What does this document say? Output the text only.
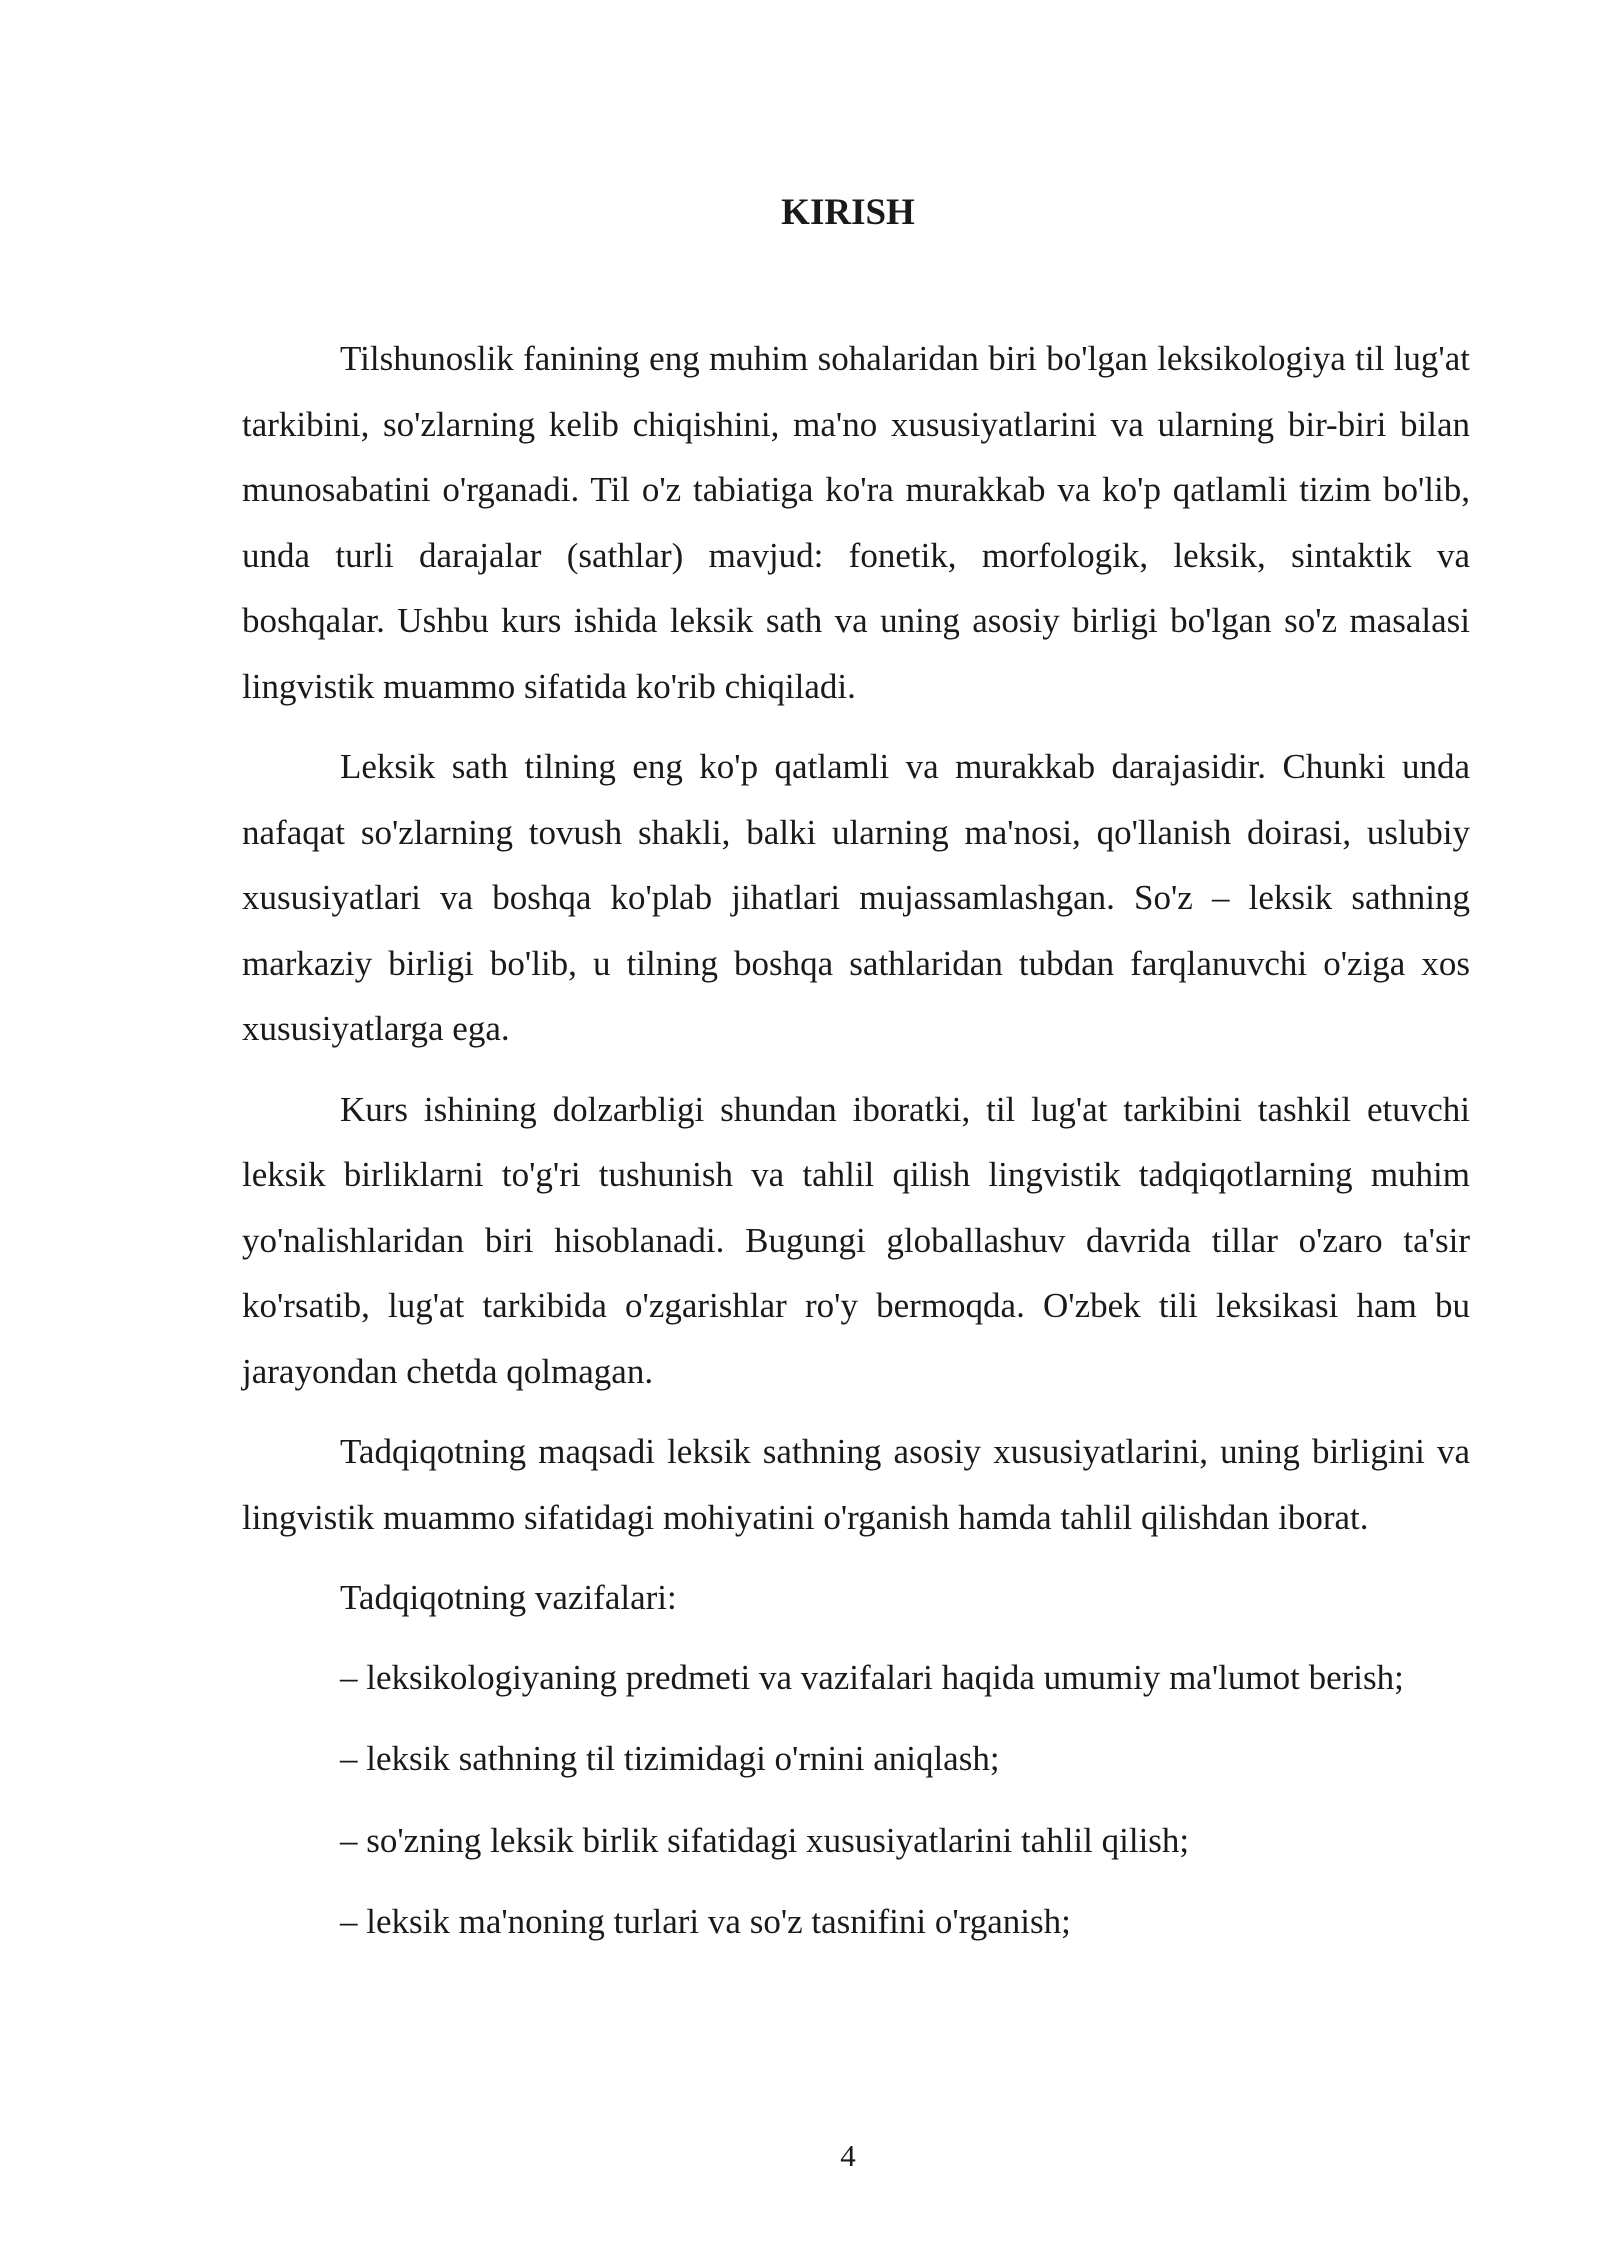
KIRISH

Tilshunoslik fanining eng muhim sohalaridan biri bo'lgan leksikologiya til lug'at tarkibini, so'zlarning kelib chiqishini, ma'no xususiyatlarini va ularning bir-biri bilan munosabatini o'rganadi. Til o'z tabiatiga ko'ra murakkab va ko'p qatlamli tizim bo'lib, unda turli darajalar (sathlar) mavjud: fonetik, morfologik, leksik, sintaktik va boshqalar. Ushbu kurs ishida leksik sath va uning asosiy birligi bo'lgan so'z masalasi lingvistik muammo sifatida ko'rib chiqiladi.

Leksik sath tilning eng ko'p qatlamli va murakkab darajasidir. Chunki unda nafaqat so'zlarning tovush shakli, balki ularning ma'nosi, qo'llanish doirasi, uslubiy xususiyatlari va boshqa ko'plab jihatlari mujassamlashgan. So'z – leksik sathning markaziy birligi bo'lib, u tilning boshqa sathlaridan tubdan farqlanuvchi o'ziga xos xususiyatlarga ega.

Kurs ishining dolzarbligi shundan iboratki, til lug'at tarkibini tashkil etuvchi leksik birliklarni to'g'ri tushunish va tahlil qilish lingvistik tadqiqotlarning muhim yo'nalishlaridan biri hisoblanadi. Bugungi globallashuv davrida tillar o'zaro ta'sir ko'rsatib, lug'at tarkibida o'zgarishlar ro'y bermoqda. O'zbek tili leksikasi ham bu jarayondan chetda qolmagan.

Tadqiqotning maqsadi leksik sathning asosiy xususiyatlarini, uning birligini va lingvistik muammo sifatidagi mohiyatini o'rganish hamda tahlil qilishdan iborat.

Tadqiqotning vazifalari:

– leksikologiyaning predmeti va vazifalari haqida umumiy ma'lumot berish;

– leksik sathning til tizimidagi o'rnini aniqlash;

– so'zning leksik birlik sifatidagi xususiyatlarini tahlil qilish;

– leksik ma'noning turlari va so'z tasnifini o'rganish;

4
